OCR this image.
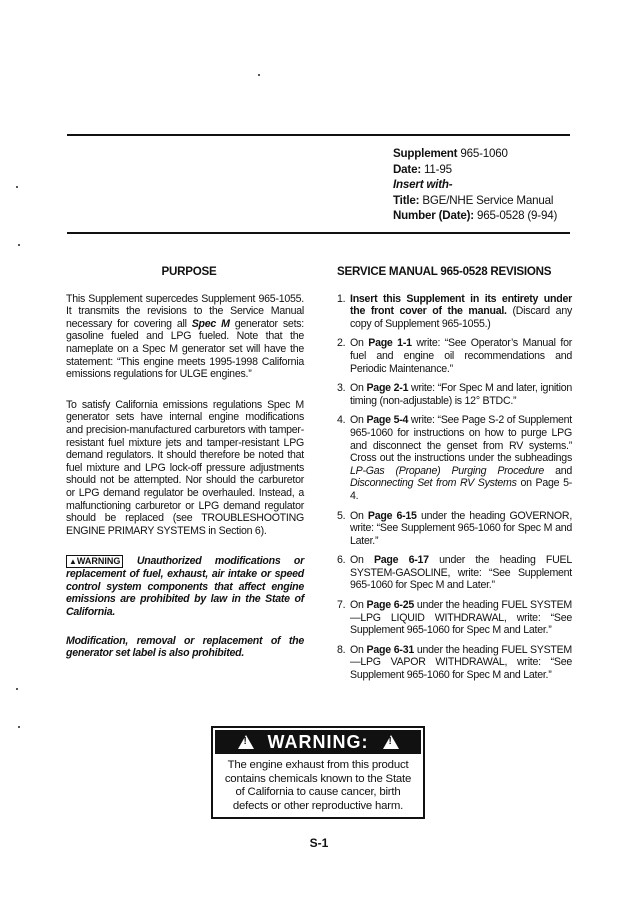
Supplement 965-1060
Date: 11-95
Insert with-
Title: BGE/NHE Service Manual
Number (Date): 965-0528 (9-94)
PURPOSE

This Supplement supercedes Supplement 965-1055. It transmits the revisions to the Service Manual necessary for covering all Spec M generator sets: gasoline fueled and LPG fueled. Note that the nameplate on a Spec M generator set will have the statement: “This engine meets 1995-1998 California emissions regulations for ULGE engines.”

To satisfy California emissions regulations Spec M generator sets have internal engine modifications and precision-manufactured carburetors with tamper-resistant fuel mixture jets and tamper-resistant LPG demand regulators. It should therefore be noted that fuel mixture and LPG lock-off pressure adjustments should not be attempted. Nor should the carburetor or LPG demand regulator be overhauled. Instead, a malfunctioning carburetor or LPG demand regulator should be replaced (see TROUBLESHOOTING ENGINE PRIMARY SYSTEMS in Section 6).

▲WARNING Unauthorized modifications or replacement of fuel, exhaust, air intake or speed control system components that affect engine emissions are prohibited by law in the State of California.

Modification, removal or replacement of the generator set label is also prohibited.

SERVICE MANUAL 965-0528 REVISIONS
1. Insert this Supplement in its entirety under the front cover of the manual. (Discard any copy of Supplement 965-1055.)
2. On Page 1-1 write: “See Operator’s Manual for fuel and engine oil recommendations and Periodic Maintenance.”
3. On Page 2-1 write: “For Spec M and later, ignition timing (non-adjustable) is 12° BTDC.”
4. On Page 5-4 write: “See Page S-2 of Supplement 965-1060 for instructions on how to purge LPG and disconnect the genset from RV systems.” Cross out the instructions under the subheadings LP-Gas (Propane) Purging Procedure and Disconnecting Set from RV Systems on Page 5-4.
5. On Page 6-15 under the heading GOVERNOR, write: “See Supplement 965-1060 for Spec M and Later.”
6. On Page 6-17 under the heading FUEL SYSTEM-GASOLINE, write: “See Supplement 965-1060 for Spec M and Later.”
7. On Page 6-25 under the heading FUEL SYSTEM—LPG LIQUID WITHDRAWAL, write: “See Supplement 965-1060 for Spec M and Later.”
8. On Page 6-31 under the heading FUEL SYSTEM—LPG VAPOR WITHDRAWAL, write: “See Supplement 965-1060 for Spec M and Later.”
!
WARNING:
!
The engine exhaust from this product
contains chemicals known to the State
of California to cause cancer, birth
defects or other reproductive harm.
S-1
